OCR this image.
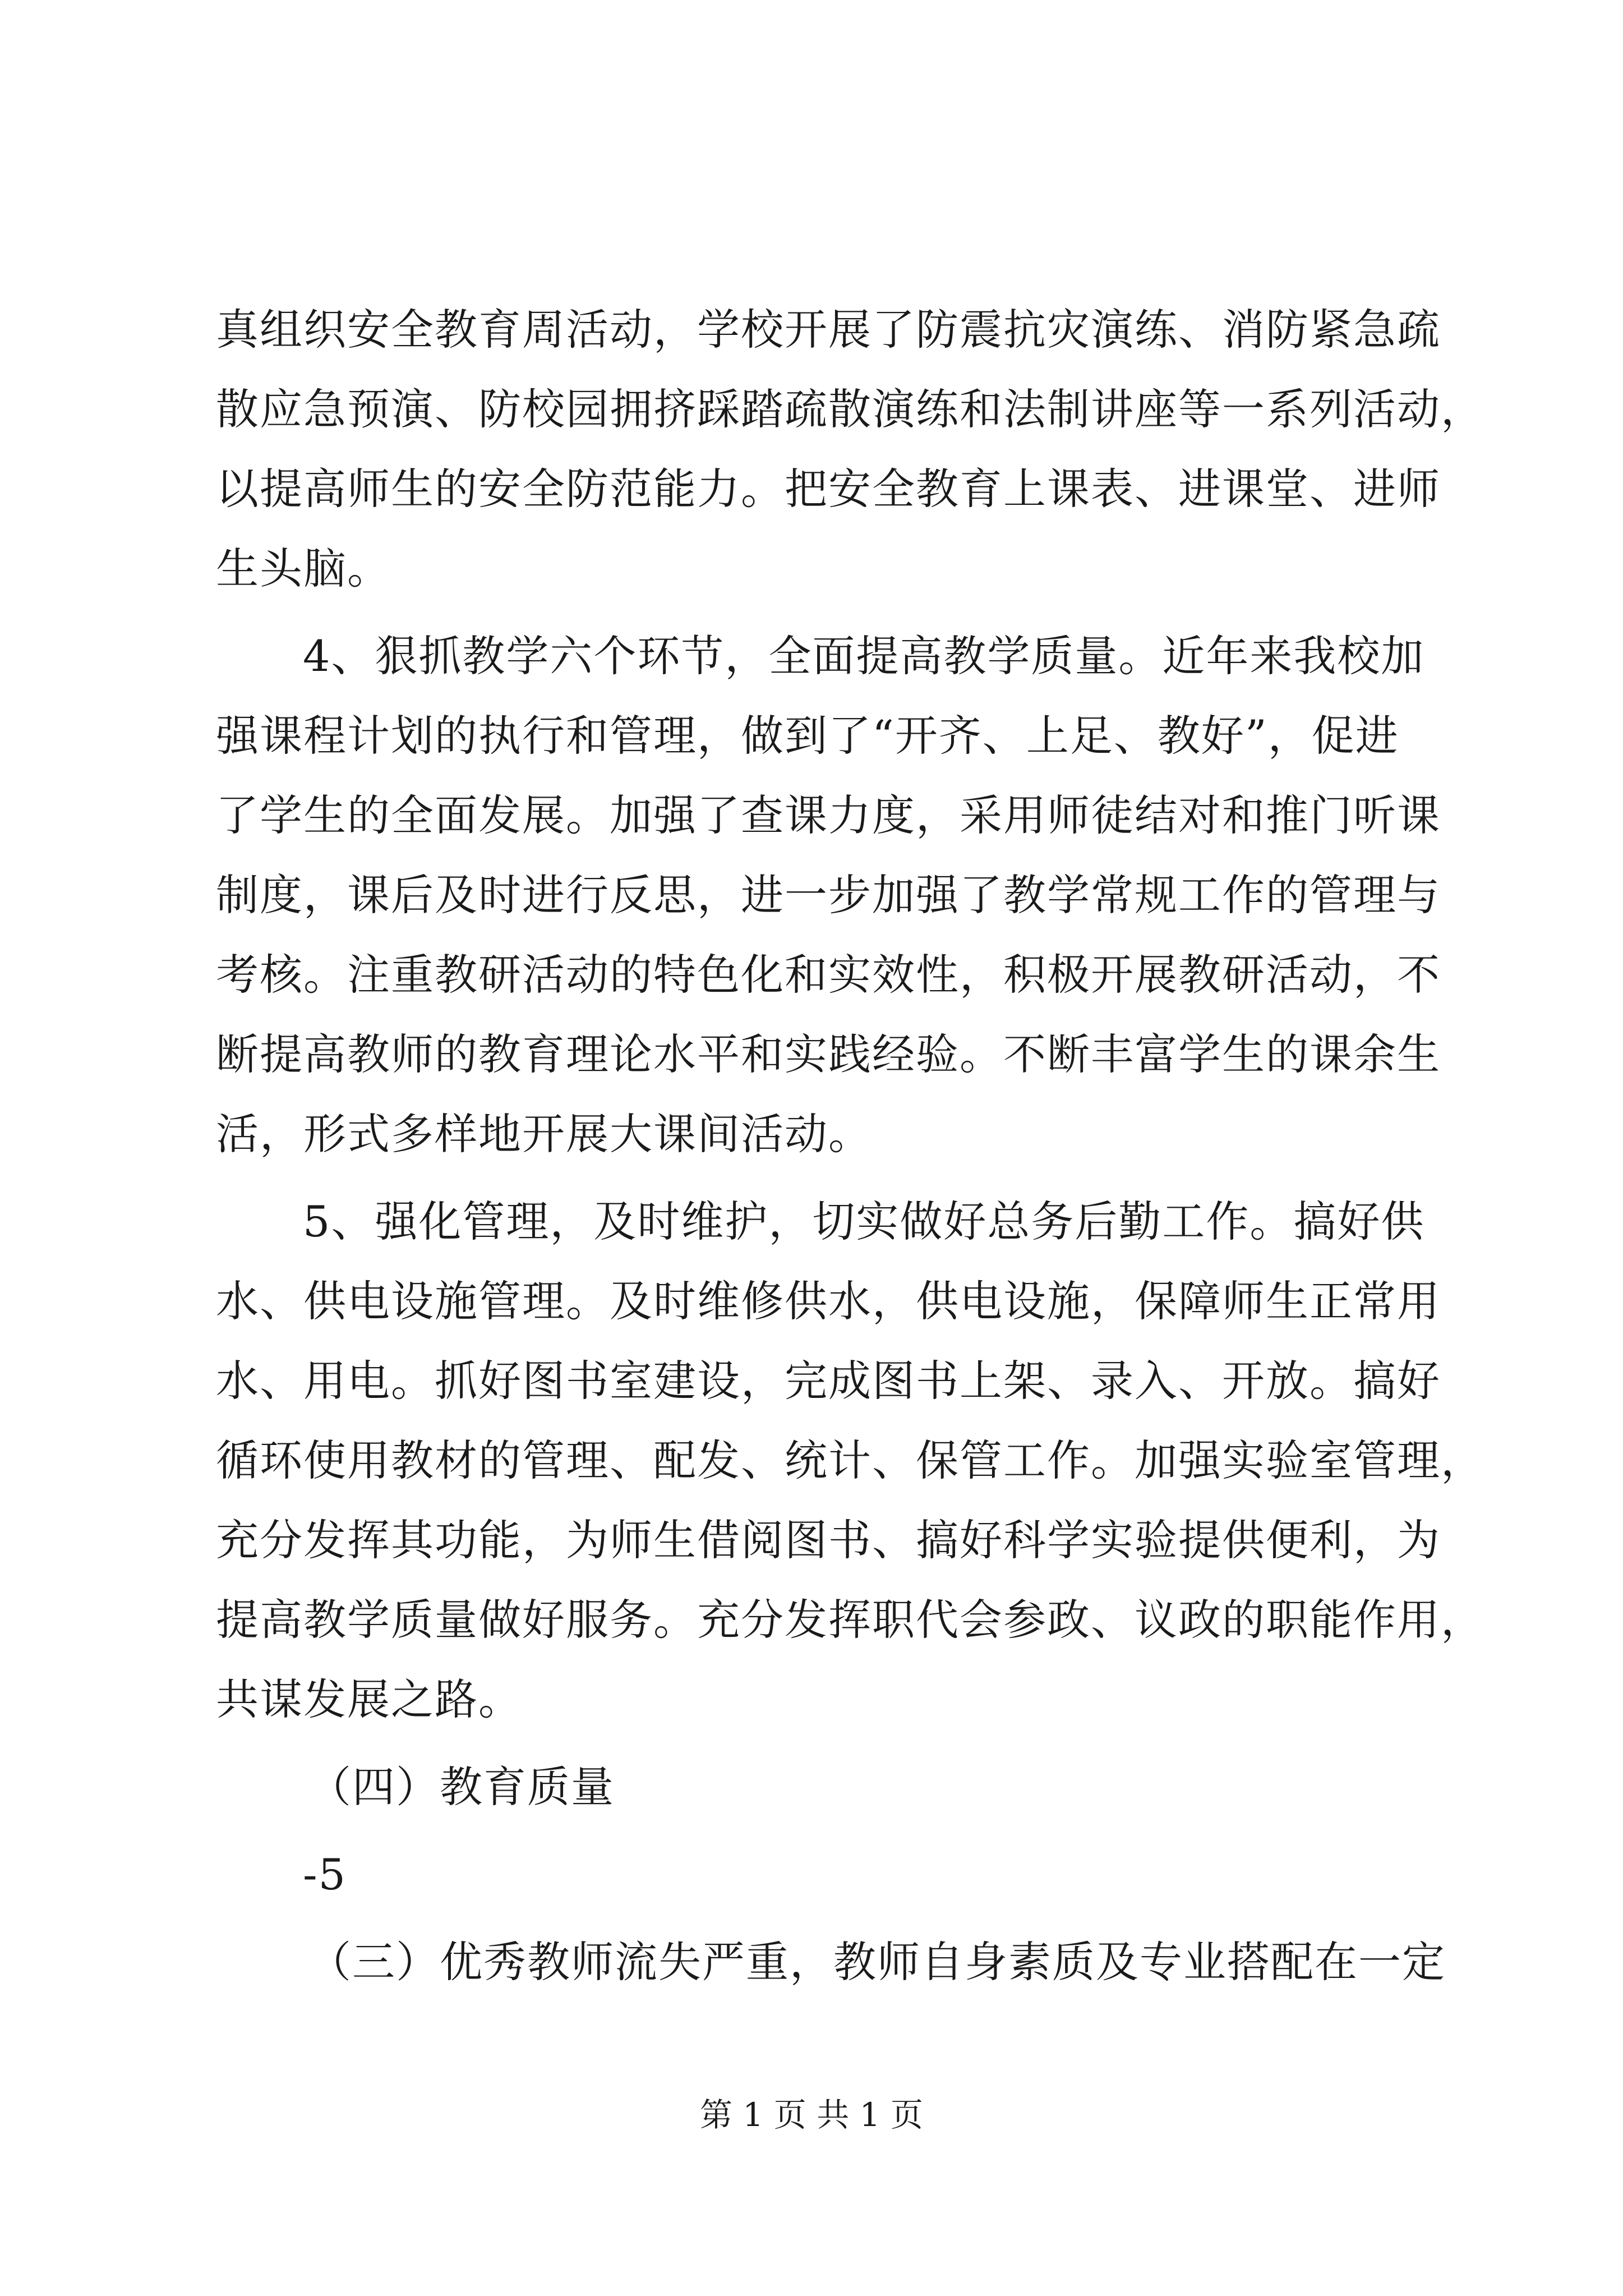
真组织安全教育周活动，学校开展了防震抗灾演练、消防紧急疏
散应急预演、防校园拥挤踩踏疏散演练和法制讲座等一系列活动，
以提高师生的安全防范能力。把安全教育上课表、进课堂、进师
生头脑。
4、狠抓教学六个环节，全面提高教学质量。近年来我校加
强课程计划的执行和管理，做到了“开齐、上足、教好”，促进
了学生的全面发展。加强了查课力度，采用师徒结对和推门听课
制度，课后及时进行反思，进一步加强了教学常规工作的管理与
考核。注重教研活动的特色化和实效性，积极开展教研活动，不
断提高教师的教育理论水平和实践经验。不断丰富学生的课余生
活，形式多样地开展大课间活动。
5、强化管理，及时维护，切实做好总务后勤工作。搞好供
水、供电设施管理。及时维修供水，供电设施，保障师生正常用
水、用电。抓好图书室建设，完成图书上架、录入、开放。搞好
循环使用教材的管理、配发、统计、保管工作。加强实验室管理，
充分发挥其功能，为师生借阅图书、搞好科学实验提供便利，为
提高教学质量做好服务。充分发挥职代会参政、议政的职能作用，
共谋发展之路。
（四）教育质量
-5
（三）优秀教师流失严重，教师自身素质及专业搭配在一定
第 1 页 共 1 页
